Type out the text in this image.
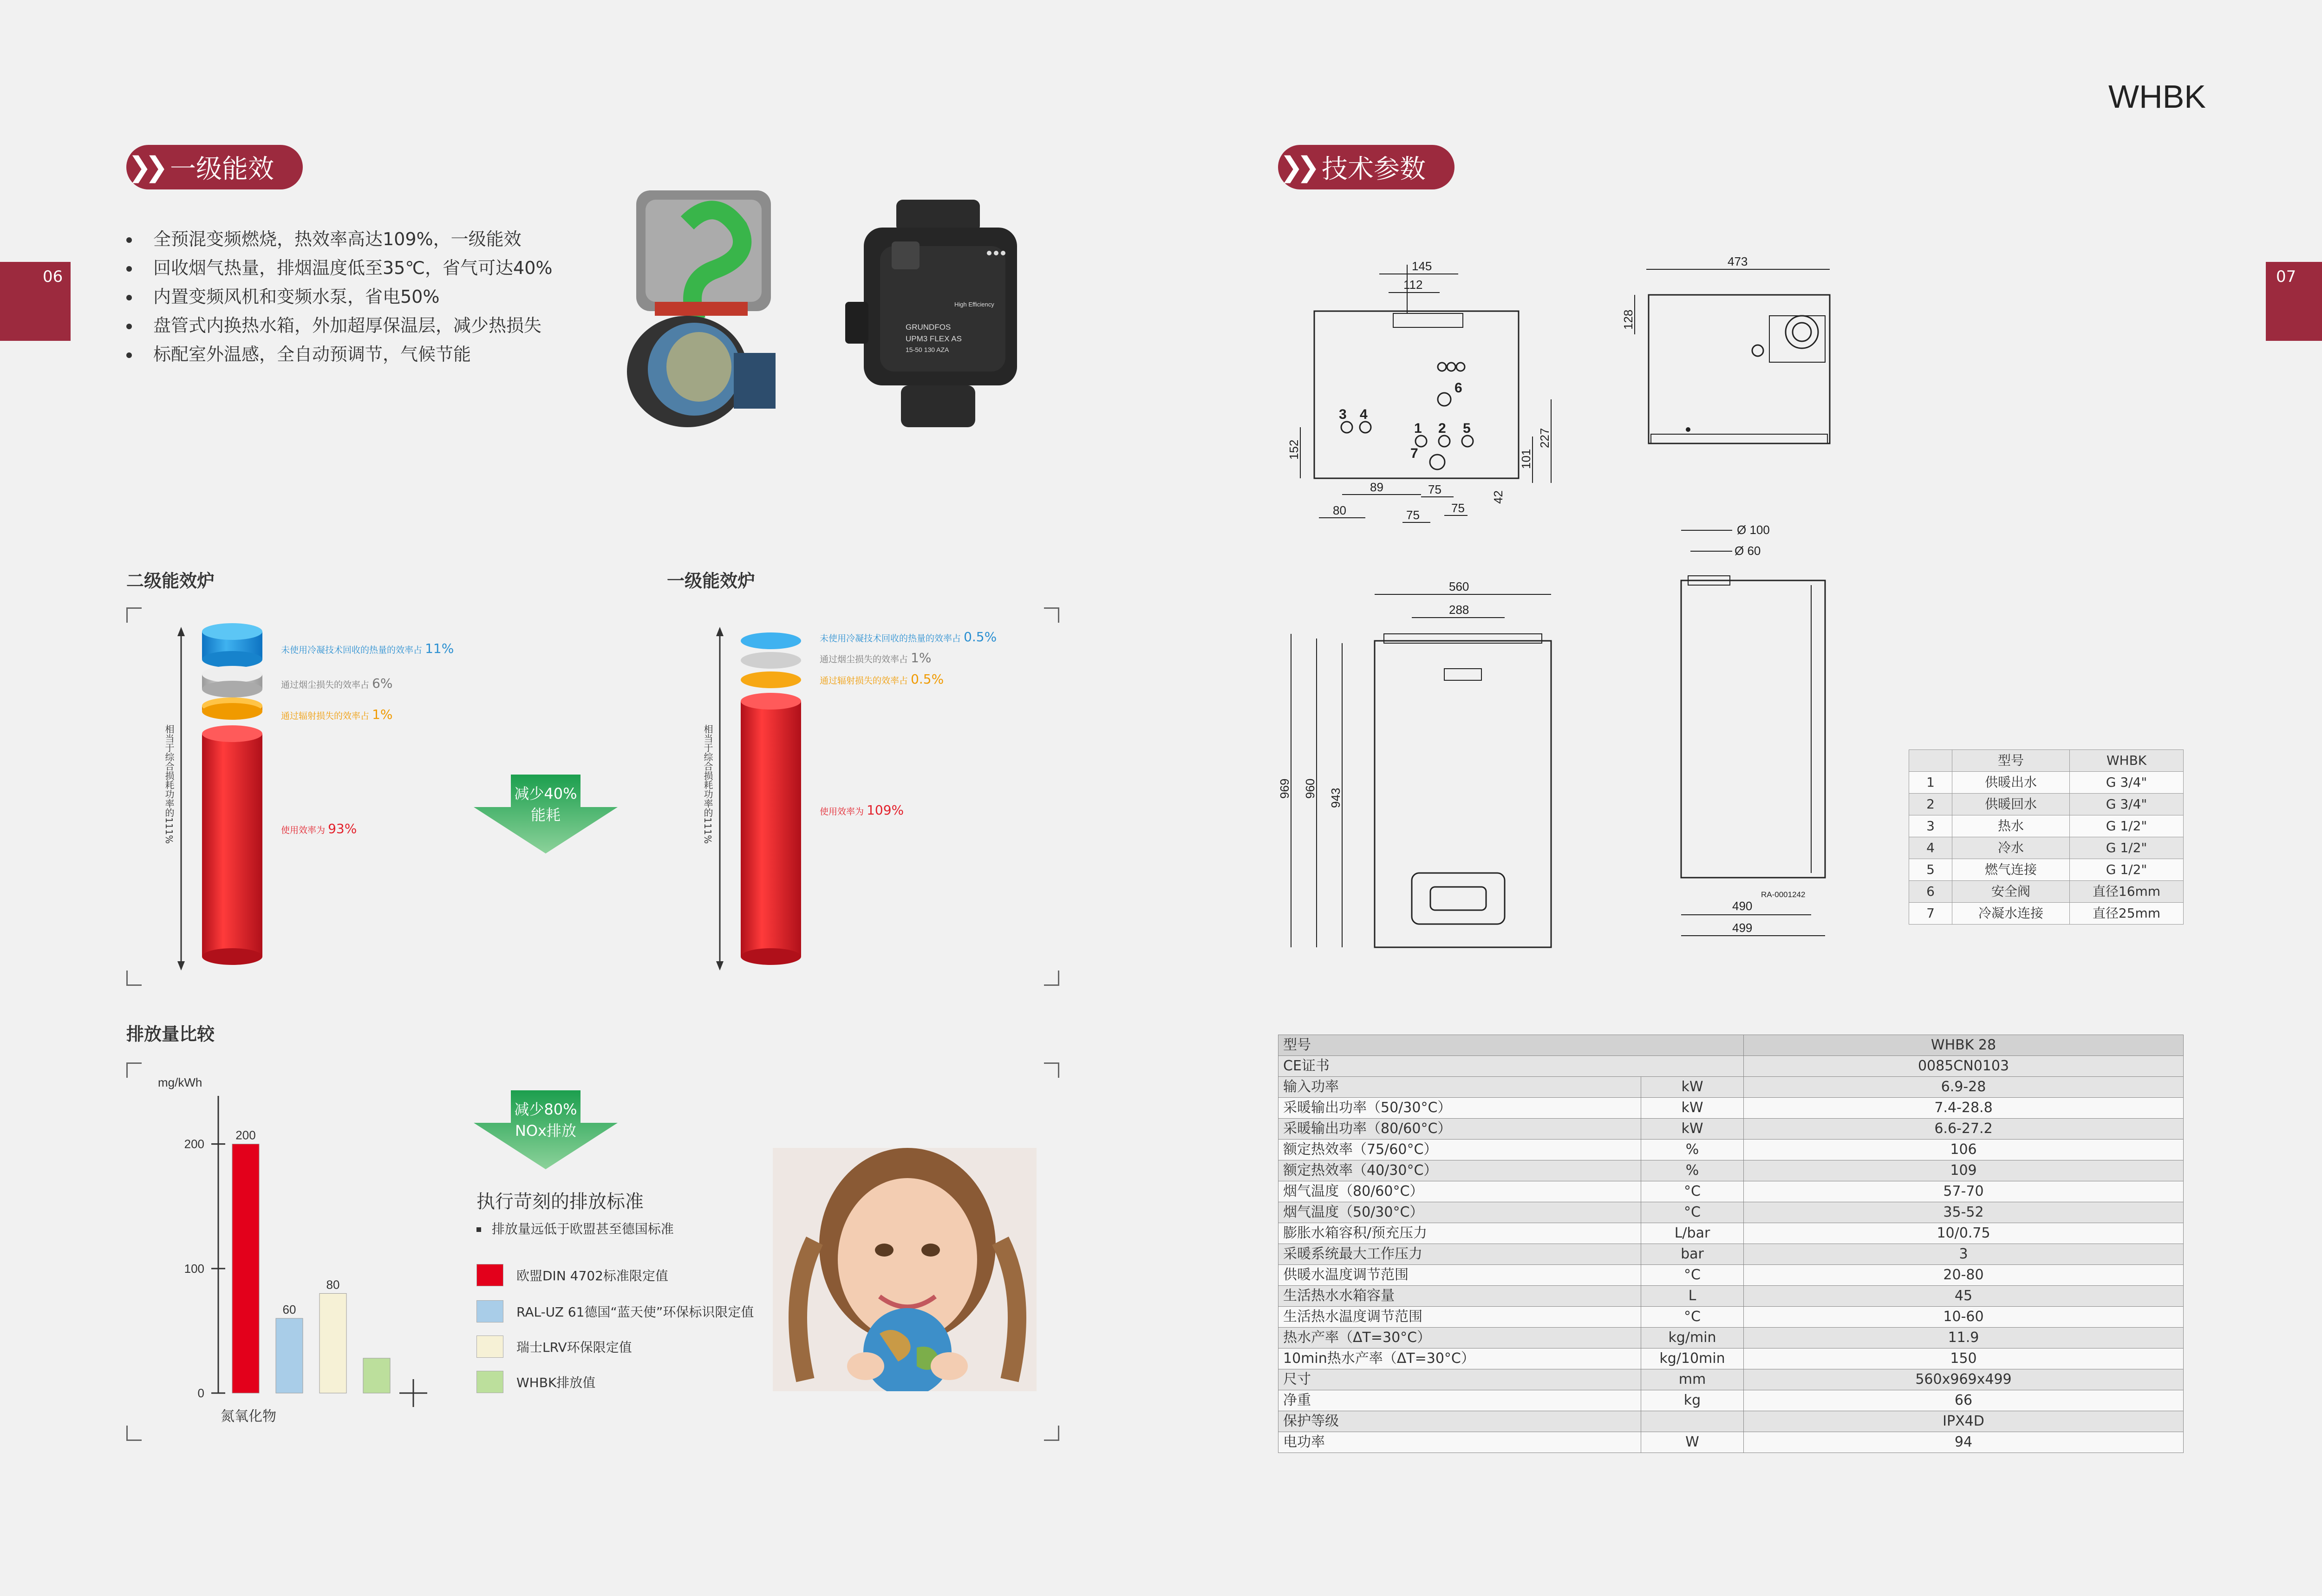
WHBK
06	07
❯❯ 一级能效
全预混变频燃烧，热效率高达109%，一级能效
回收烟气热量，排烟温度低至35℃，省气可达40%
内置变频风机和变频水泵，省电50%
盘管式内换热水箱，外加超厚保温层，减少热损失
标配室外温感，全自动预调节，气候节能
GRUNDFOS
UPM3 FLEX AS
15-50 130 AZA
High Efficiency
二级能效炉	一级能效炉
相当于综合损耗功率的111%
未使用冷凝技术回收的热量的效率占 11%
通过烟尘损失的效率占 6%
通过辐射损失的效率占 1%
使用效率为 93%
减少40%
能耗	相当于综合损耗功率的111%
未使用冷凝技术回收的热量的效率占 0.5%
通过烟尘损失的效率占 1%
通过辐射损失的效率占 0.5%
使用效率为 109%
排放量比较
mg/kWh
0
100
200
200
60
80
氮氧化物
减少80%
NOx排放
执行苛刻的排放标准
排放量远低于欧盟甚至德国标准
欧盟DIN 4702标准限定值
RAL-UZ 61德国“蓝天使”环保标识限定值
瑞士LRV环保限定值
WHBK排放值
❯❯ 技术参数
145
112
3 4
6
1 2 5
7
152
227
101
42
89
80
75
75	75
473
128
560
288
969 960 943
Ø 100
Ø 60
490
499
RA-0001242
	型号	WHBK
1	供暖出水	G 3/4"
2	供暖回水	G 3/4"
3	热水	G 1/2"
4	冷水	G 1/2"
5	燃气连接	G 1/2"
6	安全阀	直径16mm
7	冷凝水连接	直径25mm
型号		WHBK 28
CE证书		0085CN0103
输入功率	kW	6.9-28
采暖输出功率（50/30°C）	kW	7.4-28.8
采暖输出功率（80/60°C）	kW	6.6-27.2
额定热效率（75/60°C）	%	106
额定热效率（40/30°C）	%	109
烟气温度（80/60°C）	°C	57-70
烟气温度（50/30°C）	°C	35-52
膨胀水箱容积/预充压力	L/bar	10/0.75
采暖系统最大工作压力	bar	3
供暖水温度调节范围	°C	20-80
生活热水水箱容量	L	45
生活热水温度调节范围	°C	10-60
热水产率（ΔT=30°C）	kg/min	11.9
10min热水产率（ΔT=30°C）	kg/10min	150
尺寸	mm	560x969x499
净重	kg	66
保护等级		IPX4D
电功率	W	94
